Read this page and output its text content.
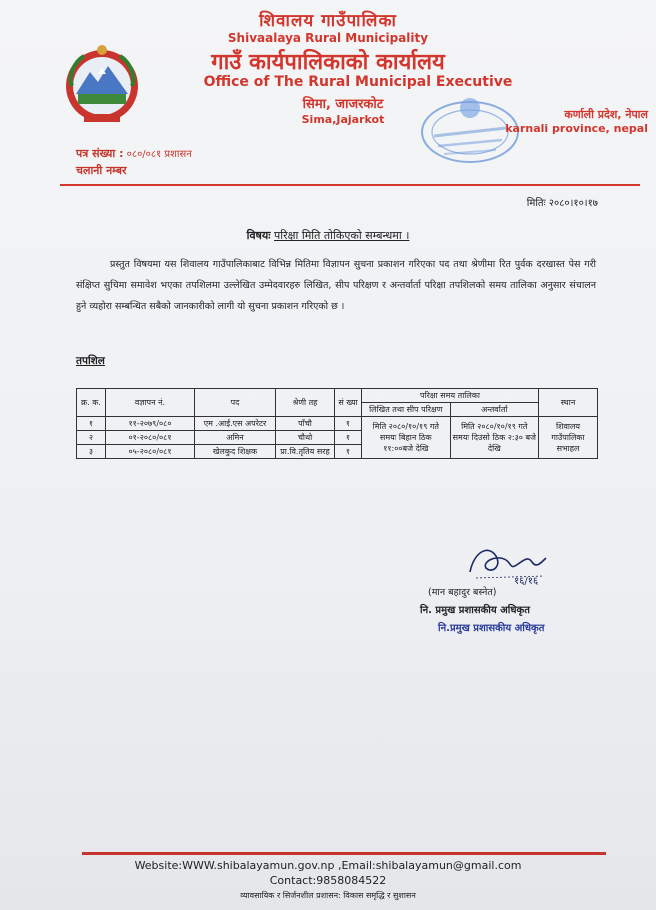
शिवालय गाउँपालिका
Shivaalaya Rural Municipality
गाउँ कार्यपालिकाको कार्यालय
Office of The Rural Municipal Executive
सिमा, जाजरकोट
Sima,Jajarkot	कर्णाली प्रदेश, नेपाल
karnali province, nepal
पत्र संख्या : ०८०/०८१ प्रशासन
चलानी नम्बर
मितिः २०८०।१०।१७
विषयः परिक्षा मिति तोकिएको सम्बन्धमा ।
प्रस्तुत विषयमा यस शिवालय गाउँपालिकाबाट विभिन्न मितिमा विज्ञापन सुचना प्रकाशन गरिएका पद तथा श्रेणीमा रित पुर्वक दरखास्त पेस गरी संक्षिप्त सुचिमा समावेश भएका तपशिलमा उल्लेखित उम्मेदवारहरु लिखित, सीप परिक्षण र अन्तर्वार्ता परिक्षा तपशिलको समय तालिका अनुसार संचालन हुने व्यहोरा सम्बन्धित सबैको जानकारीको लागी यो सुचना प्रकाशन गरिएको छ ।
तपशिल
क्र. क.	वज्ञापन नं.	पद	श्रेणी तह	सं ख्या	परिक्षा समय तालिका		स्थान
					लिखित तथा सीप परिक्षण	अन्तर्वार्ता	
१	११-२०७९/०८०	एम .आई.एस अपरेटर	पाँचौ	१	मिति २०८०/१०/१९ गते समयः बिहान ठिक ११:००बजे देखि	मिति २०८०/१०/१९ गते समयः दिउसो ठिक २:३० बजे देखि	शिवालय गाउँपालिका सभाहल
२	०१-२०८०/०८१	अमिन	चौथो	१			
३	०५-२०८०/०८१	खेलकुद शिक्षक	प्रा.वि.तृतिय सरह	१			
१६/१६
(मान बहादुर बस्नेत)
नि. प्रमुख प्रशासकीय अधिकृत
नि.प्रमुख प्रशासकीय अधिकृत
Website:WWW.shibalayamun.gov.np ,Email:shibalayamun@gmail.com
Contact:9858084522
व्यावसायिक र सिर्जनशील प्रशासन: विकास समृद्धि र सुशासन
